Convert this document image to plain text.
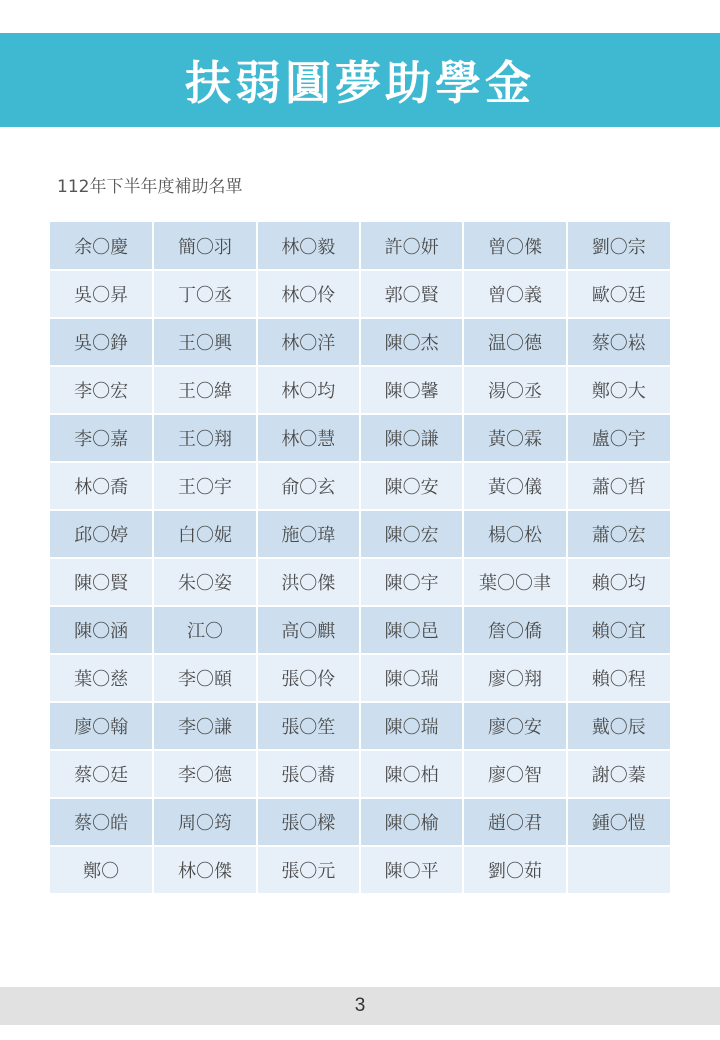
扶弱圓夢助學金
112年下半年度補助名單
余〇慶	簡〇羽	林〇毅	許〇妍	曾〇傑	劉〇宗
吳〇昇	丁〇丞	林〇伶	郭〇賢	曾〇義	歐〇廷
吳〇錚	王〇興	林〇洋	陳〇杰	温〇德	蔡〇崧
李〇宏	王〇緯	林〇均	陳〇馨	湯〇丞	鄭〇大
李〇嘉	王〇翔	林〇慧	陳〇謙	黃〇霖	盧〇宇
林〇喬	王〇宇	俞〇玄	陳〇安	黃〇儀	蕭〇哲
邱〇婷	白〇妮	施〇瑋	陳〇宏	楊〇松	蕭〇宏
陳〇賢	朱〇姿	洪〇傑	陳〇宇	葉〇〇聿	賴〇均
陳〇涵	江〇	高〇麒	陳〇邑	詹〇僑	賴〇宜
葉〇慈	李〇頤	張〇伶	陳〇瑞	廖〇翔	賴〇程
廖〇翰	李〇謙	張〇笙	陳〇瑞	廖〇安	戴〇辰
蔡〇廷	李〇德	張〇蕎	陳〇柏	廖〇智	謝〇蓁
蔡〇皓	周〇筠	張〇樑	陳〇榆	趙〇君	鍾〇愷
鄭〇	林〇傑	張〇元	陳〇平	劉〇茹	
3
